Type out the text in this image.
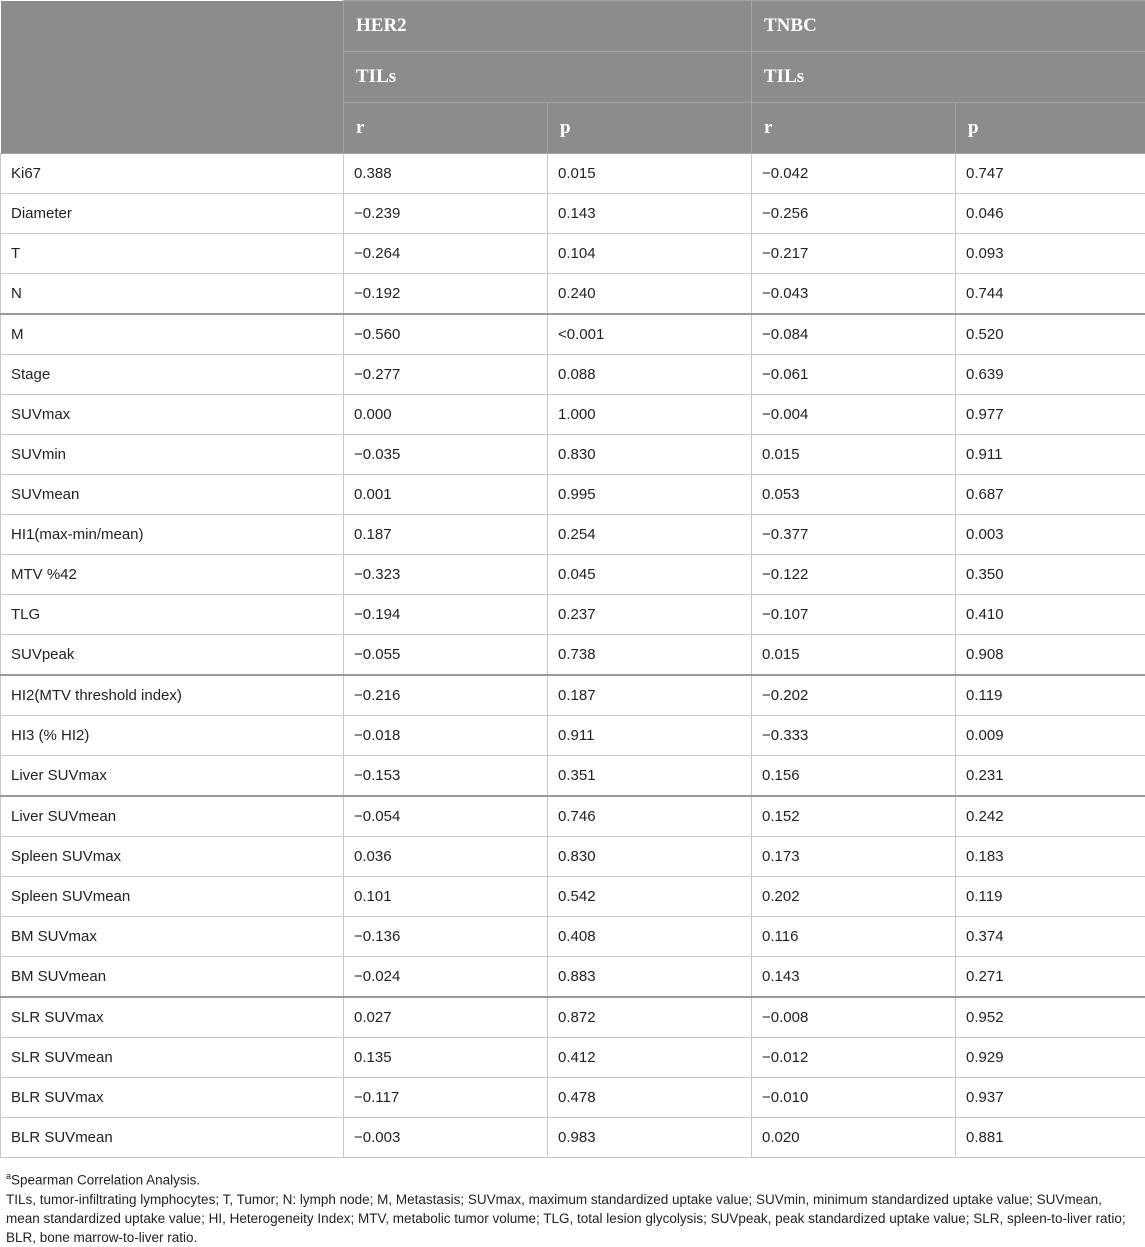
	HER2		TNBC	
	TILs		TILs	
	r	p	r	p
Ki67	0.388	0.015	−0.042	0.747
Diameter	−0.239	0.143	−0.256	0.046
T	−0.264	0.104	−0.217	0.093
N	−0.192	0.240	−0.043	0.744
M	−0.560	<0.001	−0.084	0.520
Stage	−0.277	0.088	−0.061	0.639
SUVmax	0.000	1.000	−0.004	0.977
SUVmin	−0.035	0.830	0.015	0.911
SUVmean	0.001	0.995	0.053	0.687
HI1(max-min/mean)	0.187	0.254	−0.377	0.003
MTV %42	−0.323	0.045	−0.122	0.350
TLG	−0.194	0.237	−0.107	0.410
SUVpeak	−0.055	0.738	0.015	0.908
HI2(MTV threshold index)	−0.216	0.187	−0.202	0.119
HI3 (% HI2)	−0.018	0.911	−0.333	0.009
Liver SUVmax	−0.153	0.351	0.156	0.231
Liver SUVmean	−0.054	0.746	0.152	0.242
Spleen SUVmax	0.036	0.830	0.173	0.183
Spleen SUVmean	0.101	0.542	0.202	0.119
BM SUVmax	−0.136	0.408	0.116	0.374
BM SUVmean	−0.024	0.883	0.143	0.271
SLR SUVmax	0.027	0.872	−0.008	0.952
SLR SUVmean	0.135	0.412	−0.012	0.929
BLR SUVmax	−0.117	0.478	−0.010	0.937
BLR SUVmean	−0.003	0.983	0.020	0.881
$^a$Spearman Correlation Analysis.
TILs, tumor-infiltrating lymphocytes; T, Tumor; N: lymph node; M, Metastasis; SUVmax, maximum standardized uptake value; SUVmin, minimum standardized uptake value; SUVmean, mean standardized uptake value; HI, Heterogeneity Index; MTV, metabolic tumor volume; TLG, total lesion glycolysis; SUVpeak, peak standardized uptake value; SLR, spleen-to-liver ratio; BLR, bone marrow-to-liver ratio.
